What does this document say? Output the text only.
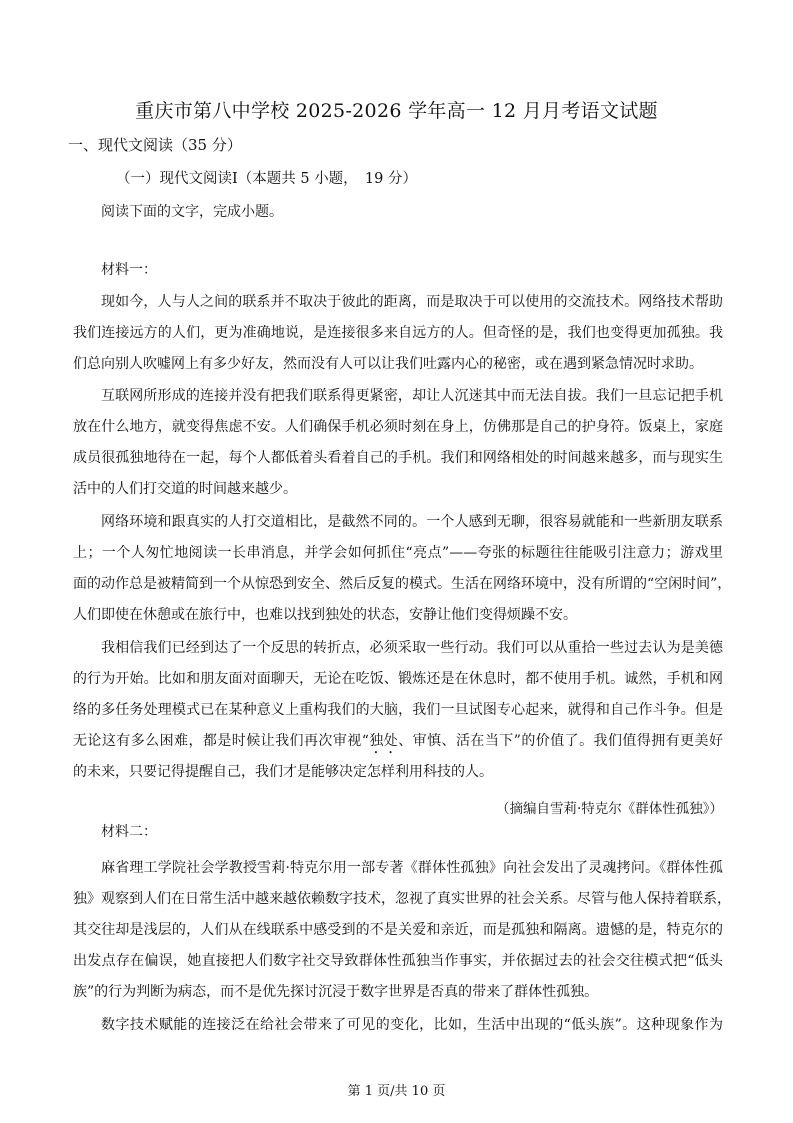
重庆市第八中学校 2025-2026 学年高一 12 月月考语文试题
一、现代文阅读（35 分）
（一）现代文阅读Ⅰ（本题共 5 小题，　19 分）
阅读下面的文字，完成小题。
材料一：
现如今，人与人之间的联系并不取决于彼此的距离，而是取决于可以使用的交流技术。网络技术帮助
我们连接远方的人们，更为准确地说，是连接很多来自远方的人。但奇怪的是，我们也变得更加孤独。我
们总向别人吹嘘网上有多少好友，然而没有人可以让我们吐露内心的秘密，或在遇到紧急情况时求助。
互联网所形成的连接并没有把我们联系得更紧密，却让人沉迷其中而无法自拔。我们一旦忘记把手机
放在什么地方，就变得焦虑不安。人们确保手机必须时刻在身上，仿佛那是自己的护身符。饭桌上，家庭
成员很孤独地待在一起，每个人都低着头看着自己的手机。我们和网络相处的时间越来越多，而与现实生
活中的人们打交道的时间越来越少。
网络环境和跟真实的人打交道相比，是截然不同的。一个人感到无聊，很容易就能和一些新朋友联系
上；一个人匆忙地阅读一长串消息，并学会如何抓住“亮点”——夸张的标题往往能吸引注意力；游戏里
面的动作总是被精简到一个从惊恐到安全、然后反复的模式。生活在网络环境中，没有所谓的“空闲时间”，
人们即使在休憩或在旅行中，也难以找到独处的状态，安静让他们变得烦躁不安。
我相信我们已经到达了一个反思的转折点，必须采取一些行动。我们可以从重拾一些过去认为是美德
的行为开始。比如和朋友面对面聊天，无论在吃饭、锻炼还是在休息时，都不使用手机。诚然，手机和网
络的多任务处理模式已在某种意义上重构我们的大脑，我们一旦试图专心起来，就得和自己作斗争。但是
无论这有多么困难，都是时候让我们再次审视“独处、审慎、活在当下”的价值了。我们值得拥有更美好
的未来，只要记得提醒自己，我们才是能够决定怎样利用科技的人。
（摘编自雪莉·特克尔《群体性孤独》）
材料二：
麻省理工学院社会学教授雪莉·特克尔用一部专著《群体性孤独》向社会发出了灵魂拷问。《群体性孤
独》观察到人们在日常生活中越来越依赖数字技术，忽视了真实世界的社会关系。尽管与他人保持着联系，
其交往却是浅层的，人们从在线联系中感受到的不是关爱和亲近，而是孤独和隔离。遗憾的是，特克尔的
出发点存在偏误，她直接把人们数字社交导致群体性孤独当作事实，并依据过去的社会交往模式把“低头
族”的行为判断为病态，而不是优先探讨沉浸于数字世界是否真的带来了群体性孤独。
数字技术赋能的连接泛在给社会带来了可见的变化，比如，生活中出现的“低头族”。这种现象作为
第 1 页/共 10 页
